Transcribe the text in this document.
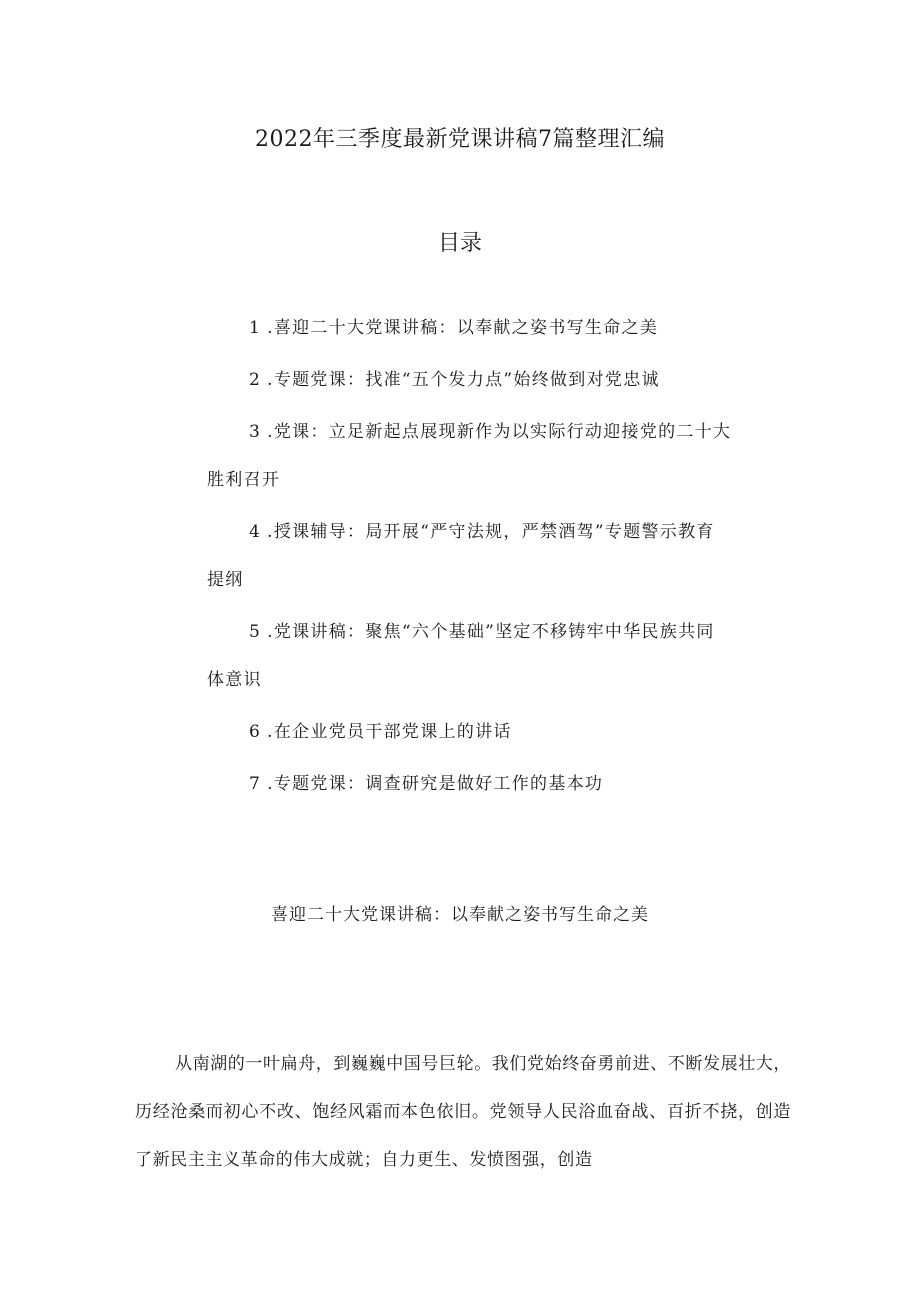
2022年三季度最新党课讲稿7篇整理汇编
目录
1 .喜迎二十大党课讲稿：以奉献之姿书写生命之美
2 .专题党课：找准“五个发力点”始终做到对党忠诚
3 .党课：立足新起点展现新作为以实际行动迎接党的二十大
胜利召开
4 .授课辅导：局开展“严守法规，严禁酒驾”专题警示教育
提纲
5 .党课讲稿：聚焦“六个基础”坚定不移铸牢中华民族共同
体意识
6 .在企业党员干部党课上的讲话
7 .专题党课：调查研究是做好工作的基本功
喜迎二十大党课讲稿：以奉献之姿书写生命之美

从南湖的一叶扁舟，到巍巍中国号巨轮。我们党始终奋勇前进、不断发展壮大，历经沧桑而初心不改、饱经风霜而本色依旧。党领导人民浴血奋战、百折不挠，创造了新民主主义革命的伟大成就；自力更生、发愤图强，创造
